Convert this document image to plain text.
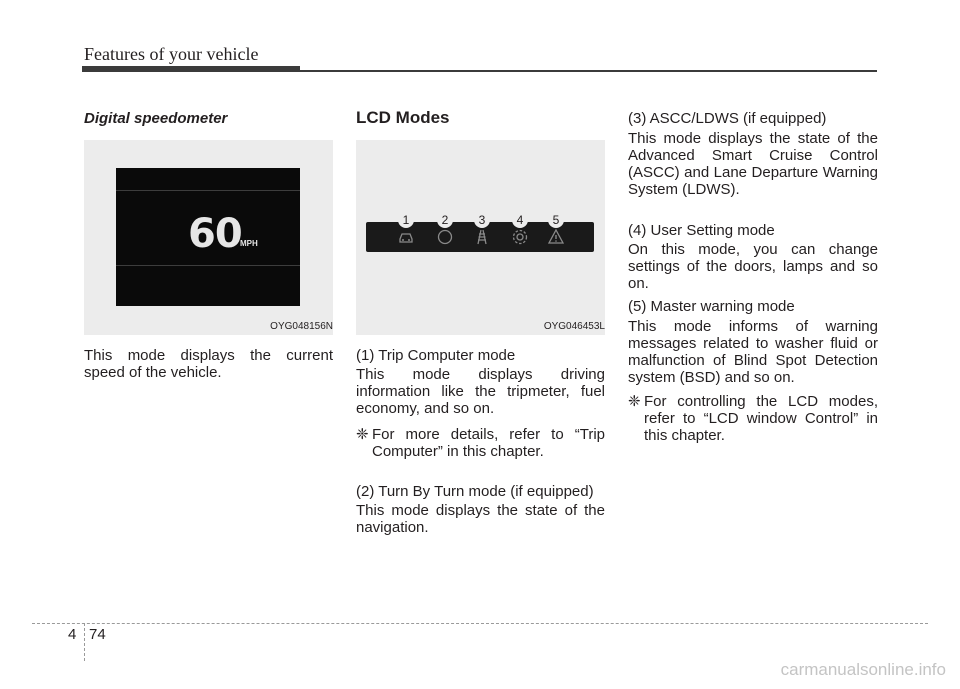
Features of your vehicle
Digital speedometer
60
MPH
OYG048156N
This mode displays the current speed of the vehicle.
LCD Modes
1	2	3	4	5
OYG046453L
(1) Trip Computer mode
This mode displays driving information like the tripmeter, fuel economy, and so on.
❈ For more details, refer to “Trip Computer” in this chapter.
(2) Turn By Turn mode (if equipped)
This mode displays the state of the navigation.
(3) ASCC/LDWS (if equipped)
This mode displays the state of the Advanced Smart Cruise Control (ASCC) and Lane Departure Warning System (LDWS).
(4) User Setting mode
On this mode, you can change settings of the doors, lamps and so on.
(5) Master warning mode
This mode informs of warning messages related to washer fluid or malfunction of Blind Spot Detection system (BSD) and so on.
❈ For controlling the LCD modes, refer to “LCD window Control” in this chapter.
4 74
carmanualsonline.info
